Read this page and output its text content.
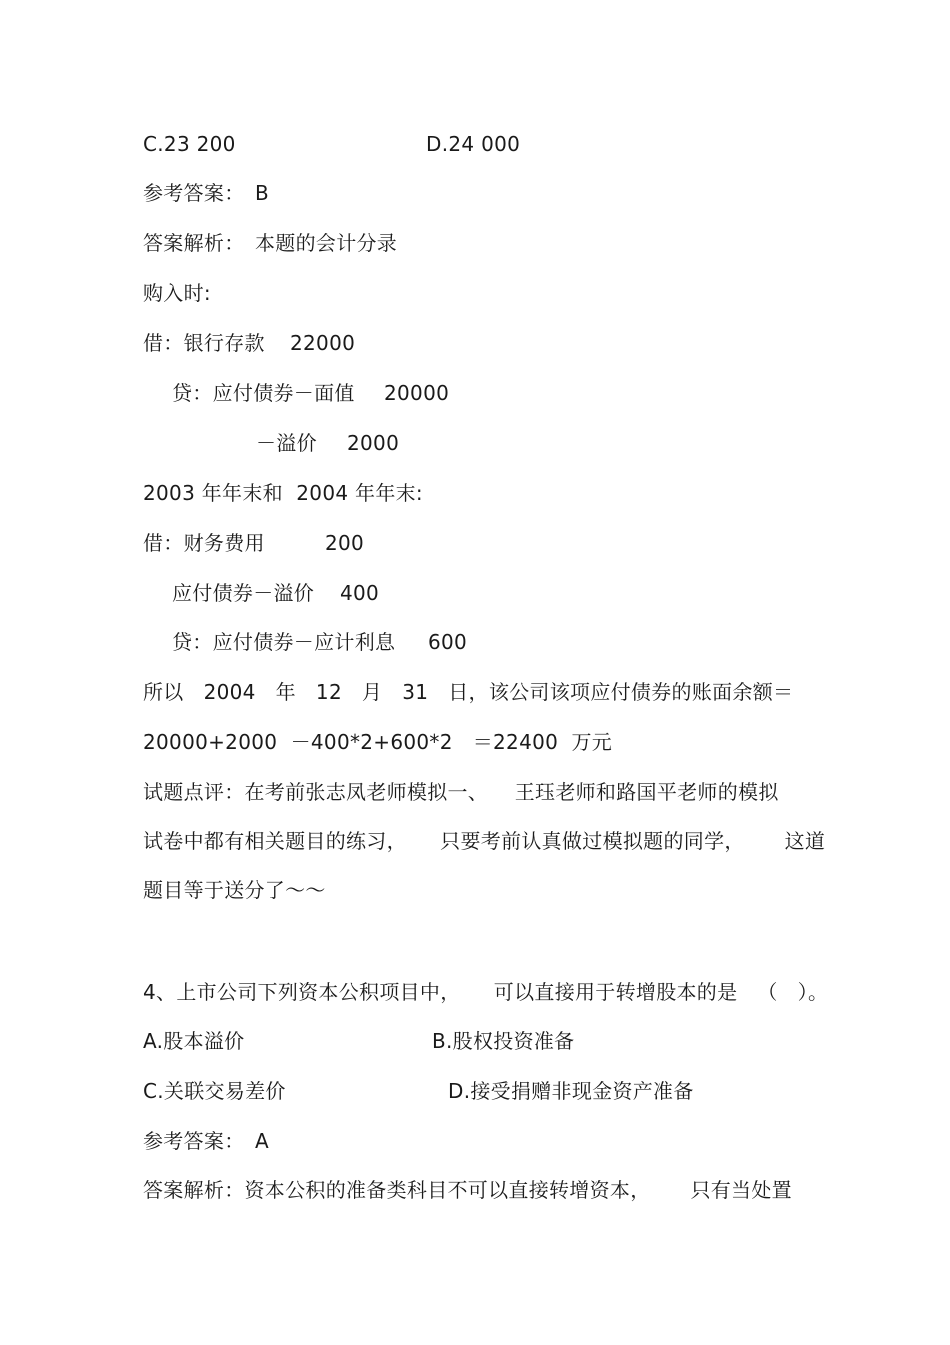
C.23 200	D.24 000
参考答案： B
答案解析： 本题的会计分录
购入时:
借：银行存款 22000
贷：应付债券－面值 20000
－溢价 2000
2003 年年末和  2004 年年末:
借：财务费用	200
应付债券－溢价 400
贷：应付债券－应计利息 600
所以   2004   年   12   月   31   日，该公司该项应付债券的账面余额＝
20000+2000  －400*2+600*2   ＝22400  万元
试题点评：在考前张志凤老师模拟一、    王珏老师和路国平老师的模拟
试卷中都有相关题目的练习，     只要考前认真做过模拟题的同学，      这道
题目等于送分了～～
4、上市公司下列资本公积项目中，     可以直接用于转增股本的是   （   ）。
A.股本溢价	B.股权投资准备
C.关联交易差价	D.接受捐赠非现金资产准备
参考答案： A
答案解析：资本公积的准备类科目不可以直接转增资本，      只有当处置
